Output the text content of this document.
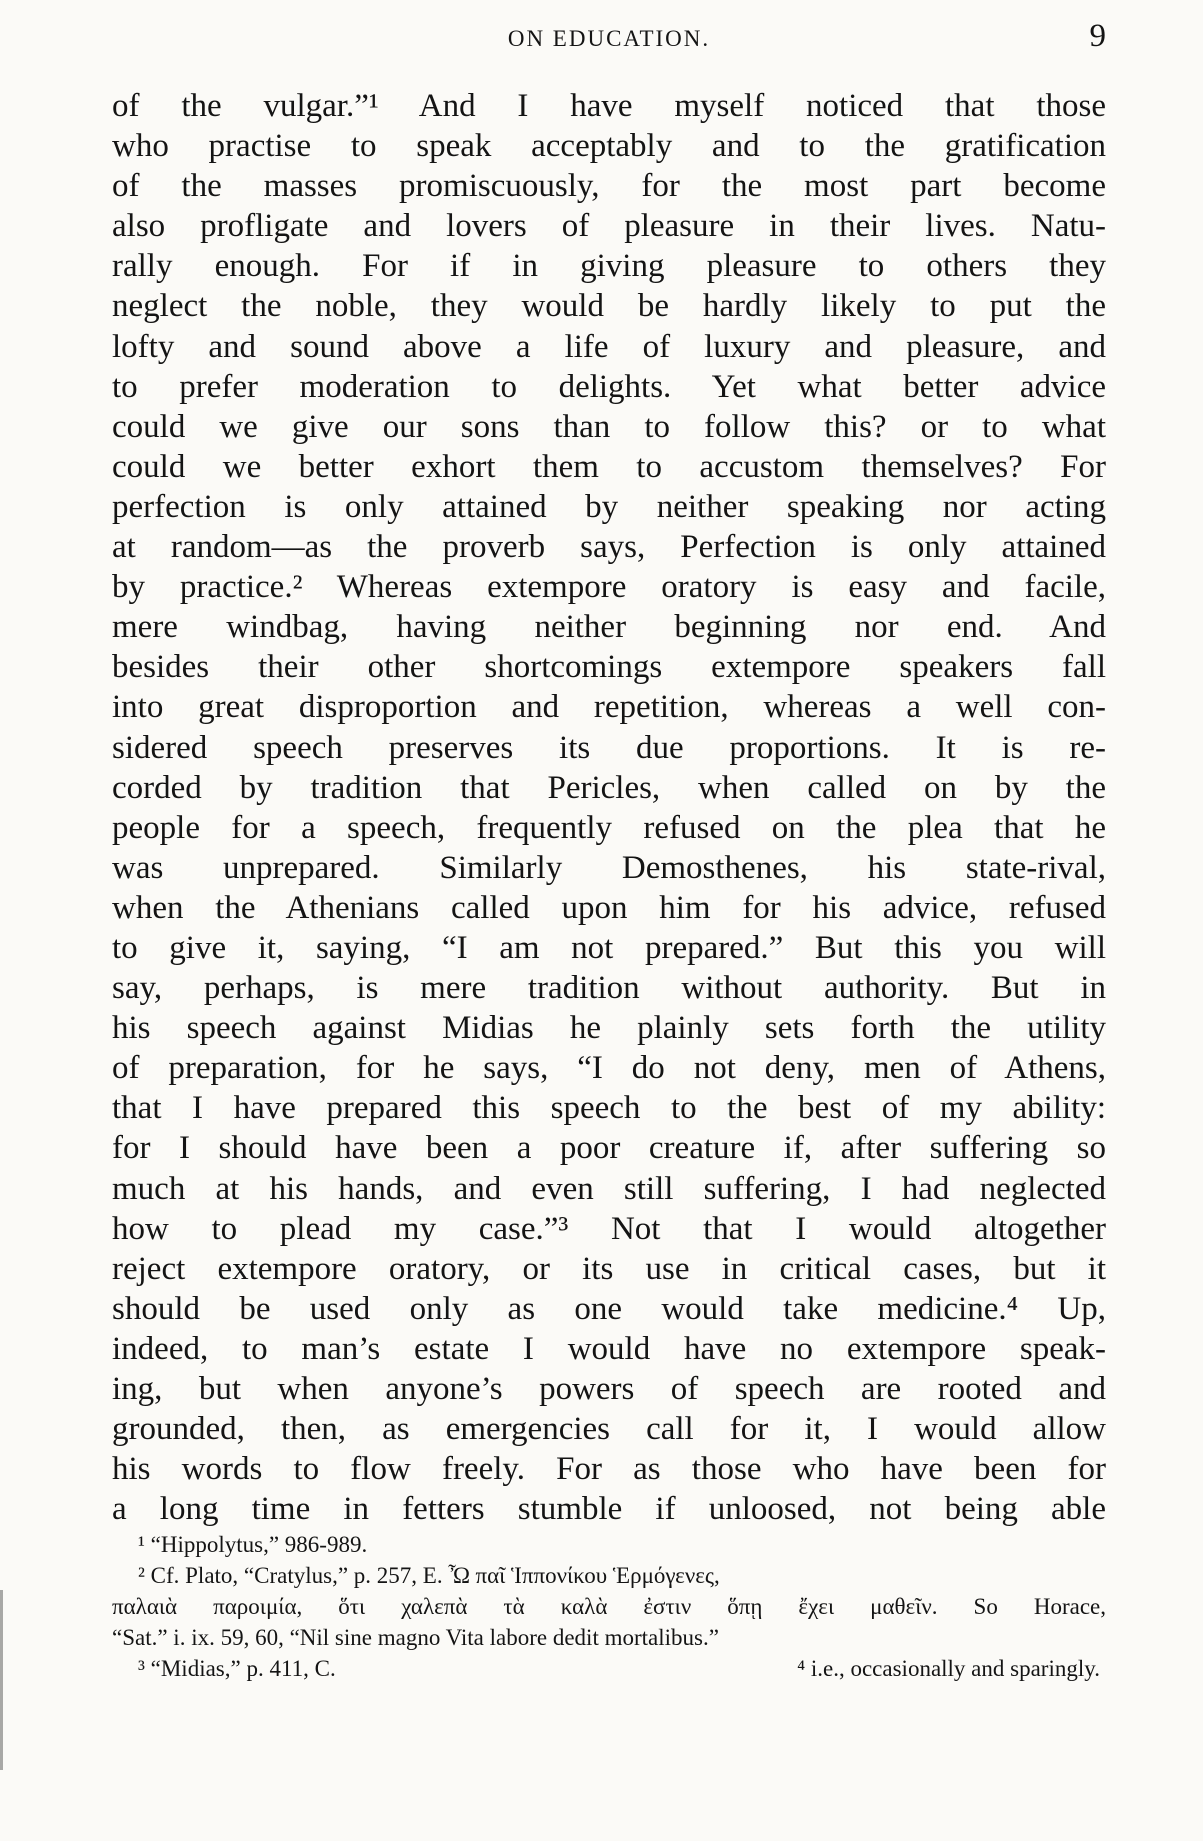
ON EDUCATION.	9
of the vulgar.”¹ And I have myself noticed that those
who practise to speak acceptably and to the gratification
of the masses promiscuously, for the most part become
also profligate and lovers of pleasure in their lives. Natu-
rally enough. For if in giving pleasure to others they
neglect the noble, they would be hardly likely to put the
lofty and sound above a life of luxury and pleasure, and
to prefer moderation to delights. Yet what better advice
could we give our sons than to follow this? or to what
could we better exhort them to accustom themselves? For
perfection is only attained by neither speaking nor acting
at random—as the proverb says, Perfection is only attained
by practice.² Whereas extempore oratory is easy and facile,
mere windbag, having neither beginning nor end. And
besides their other shortcomings extempore speakers fall
into great disproportion and repetition, whereas a well con-
sidered speech preserves its due proportions. It is re-
corded by tradition that Pericles, when called on by the
people for a speech, frequently refused on the plea that he
was unprepared. Similarly Demosthenes, his state-rival,
when the Athenians called upon him for his advice, refused
to give it, saying, “I am not prepared.” But this you will
say, perhaps, is mere tradition without authority. But in
his speech against Midias he plainly sets forth the utility
of preparation, for he says, “I do not deny, men of Athens,
that I have prepared this speech to the best of my ability:
for I should have been a poor creature if, after suffering so
much at his hands, and even still suffering, I had neglected
how to plead my case.”³ Not that I would altogether
reject extempore oratory, or its use in critical cases, but it
should be used only as one would take medicine.⁴ Up,
indeed, to man’s estate I would have no extempore speak-
ing, but when anyone’s powers of speech are rooted and
grounded, then, as emergencies call for it, I would allow
his words to flow freely. For as those who have been for
a long time in fetters stumble if unloosed, not being able
¹ “Hippolytus,” 986-989.
² Cf. Plato, “Cratylus,” p. 257, E. Ὦ παῖ Ἱππονίκου Ἑρμόγενες,
παλαιὰ παροιμία, ὅτι χαλεπὰ τὰ καλὰ ἐστιν ὅπῃ ἔχει μαθεῖν. So Horace,
“Sat.” i. ix. 59, 60, “Nil sine magno Vita labore dedit mortalibus.”
³ “Midias,” p. 411, C.	⁴ i.e., occasionally and sparingly.
